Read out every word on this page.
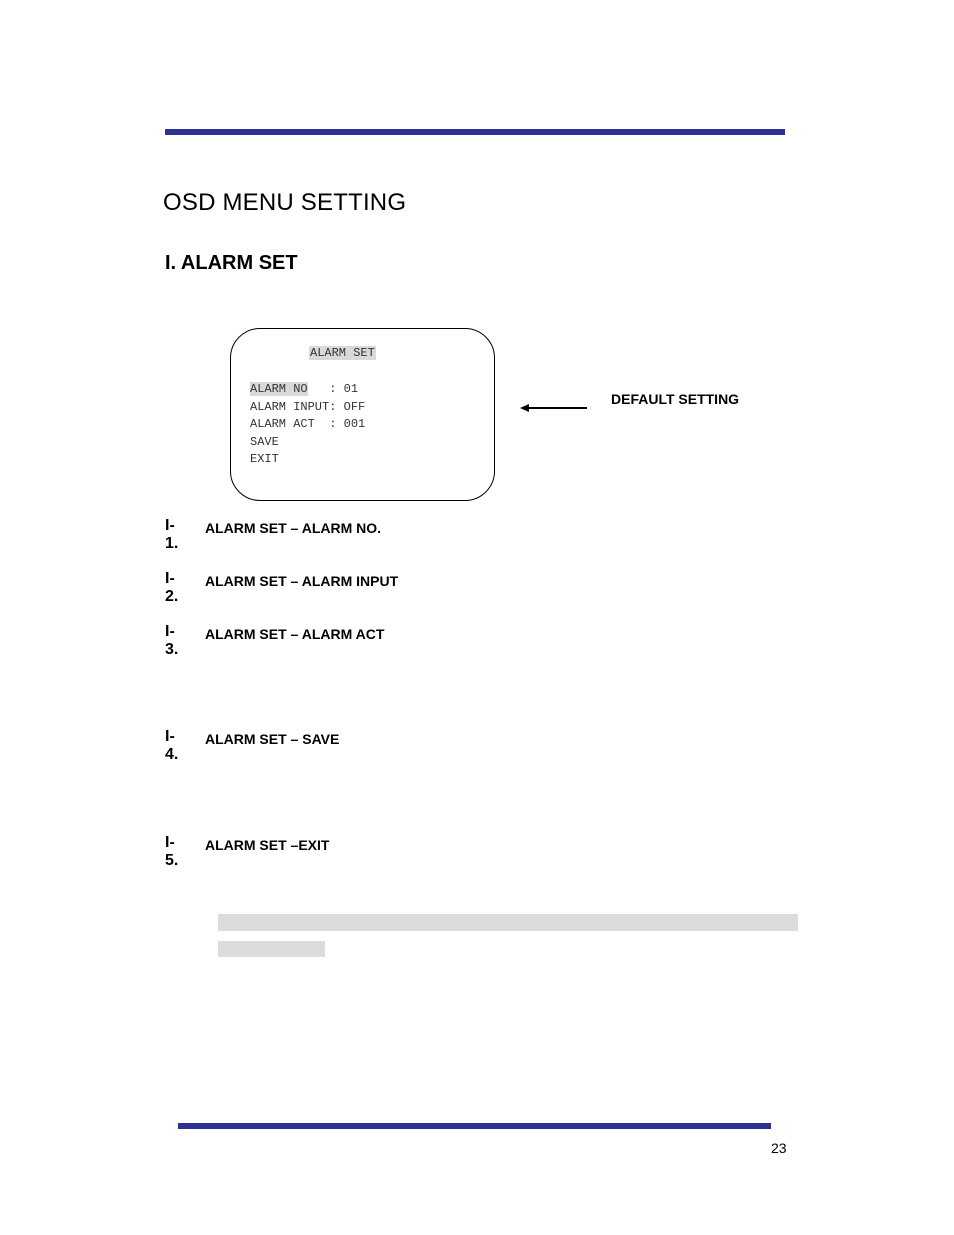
OSD MENU SETTING
I. ALARM SET
ALARM SET
ALARM NO   : 01
ALARM INPUT: OFF
ALARM ACT  : 001
SAVE
EXIT
DEFAULT SETTING
I-1.
ALARM SET – ALARM NO.
I-2.
ALARM SET – ALARM INPUT
I-3.
ALARM SET – ALARM ACT
I-4.
ALARM SET – SAVE
I-5.
ALARM SET –EXIT
23
